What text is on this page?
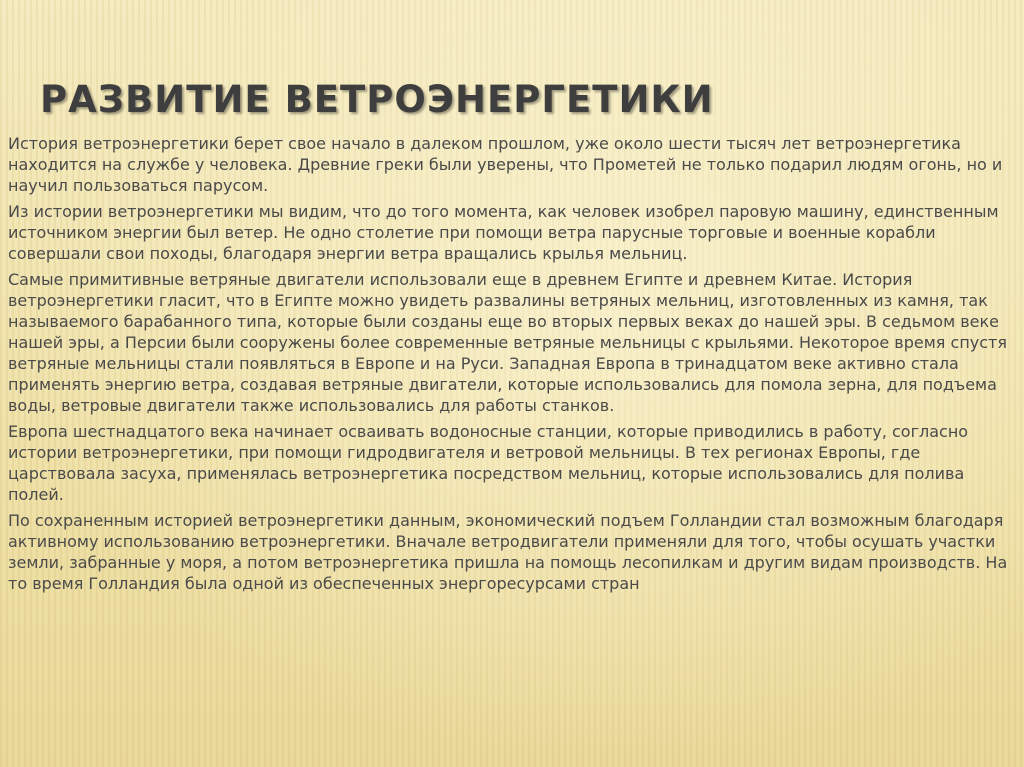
РАЗВИТИЕ ВЕТРОЭНЕРГЕТИКИ

История ветроэнергетики берет свое начало в далеком прошлом, уже около шести тысяч лет ветроэнергетика находится на службе у человека. Древние греки были уверены, что Прометей не только подарил людям огонь, но и научил пользоваться парусом.

Из истории ветроэнергетики мы видим, что до того момента, как человек изобрел паровую машину, единственным источником энергии был ветер. Не одно столетие при помощи ветра парусные торговые и военные корабли совершали свои походы, благодаря энергии ветра вращались крылья мельниц.

Самые примитивные ветряные двигатели использовали еще в древнем Египте и древнем Китае. История ветроэнергетики гласит, что в Египте можно увидеть развалины ветряных мельниц, изготовленных из камня, так называемого барабанного типа, которые были созданы еще во вторых первых веках до нашей эры. В седьмом веке нашей эры, а Персии были сооружены более современные ветряные мельницы с крыльями. Некоторое время спустя ветряные мельницы стали появляться в Европе и на Руси. Западная Европа в тринадцатом веке активно стала применять энергию ветра, создавая ветряные двигатели, которые использовались для помола зерна, для подъема воды, ветровые двигатели также использовались для работы станков.

Европа шестнадцатого века начинает осваивать водоносные станции, которые приводились в работу, согласно истории ветроэнергетики, при помощи гидродвигателя и ветровой мельницы. В тех регионах Европы, где царствовала засуха, применялась ветроэнергетика посредством мельниц, которые использовались для полива полей.

По сохраненным историей ветроэнергетики данным, экономический подъем Голландии стал возможным благодаря активному использованию ветроэнергетики. Вначале ветродвигатели применяли для того, чтобы осушать участки земли, забранные у моря, а потом ветроэнергетика пришла на помощь лесопилкам и другим видам производств. На то время Голландия была одной из обеспеченных энергоресурсами стран
